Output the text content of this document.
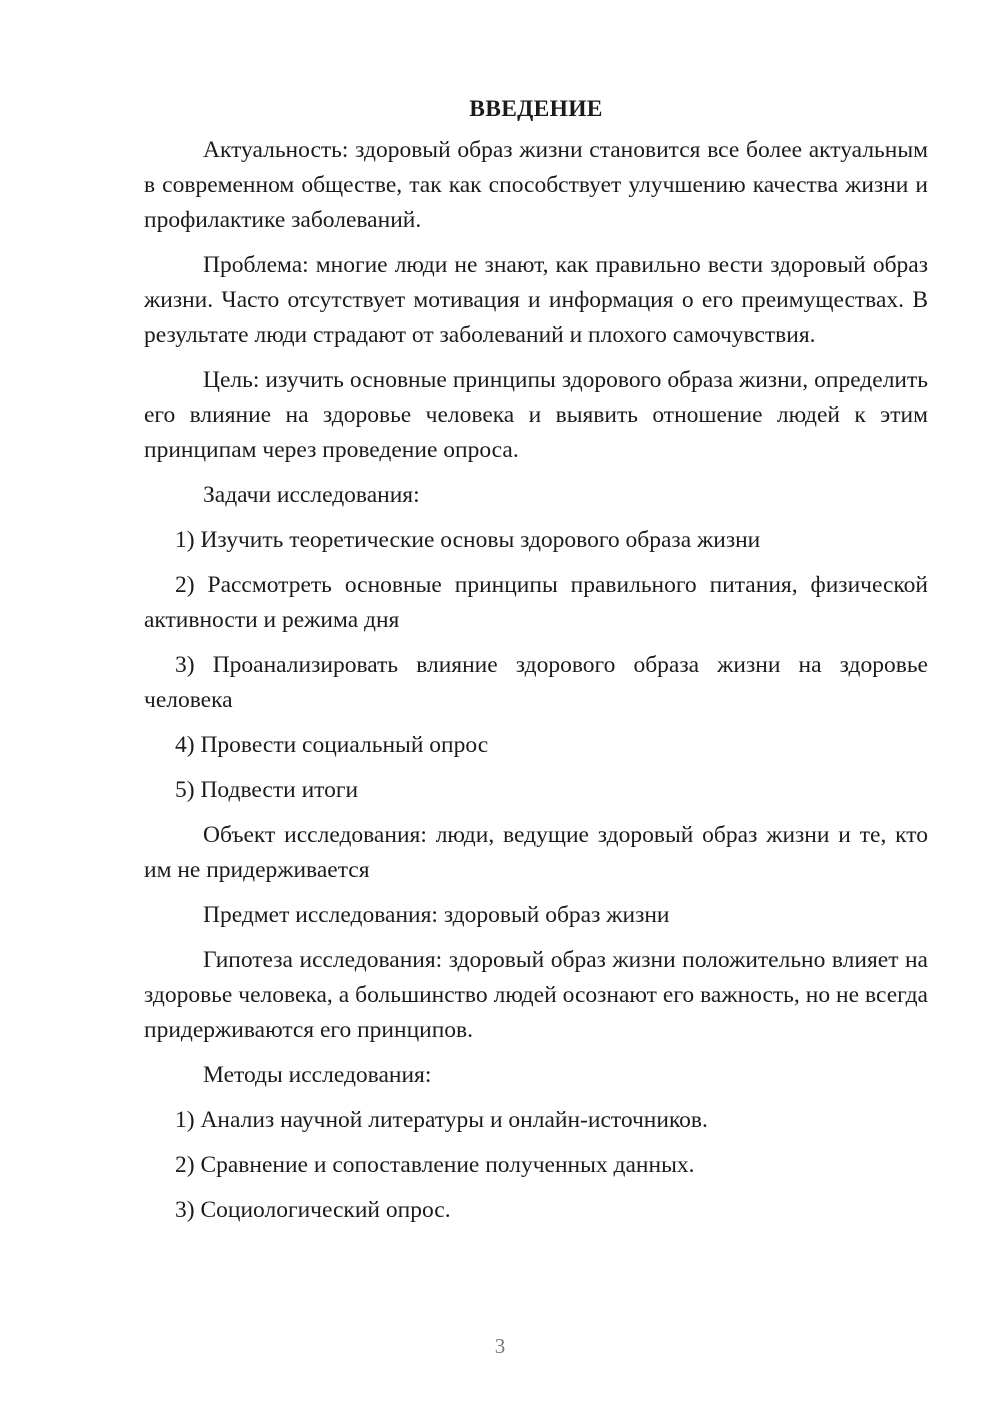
ВВЕДЕНИЕ

Актуальность: здоровый образ жизни становится все более актуальным в современном обществе, так как способствует улучшению качества жизни и профилактике заболеваний.

Проблема: многие люди не знают, как правильно вести здоровый образ жизни. Часто отсутствует мотивация и информация о его преимуществах. В результате люди страдают от заболеваний и плохого самочувствия.

Цель: изучить основные принципы здорового образа жизни, определить его влияние на здоровье человека и выявить отношение людей к этим принципам через проведение опроса.

Задачи исследования:

1) Изучить теоретические основы здорового образа жизни

2) Рассмотреть основные принципы правильного питания, физической активности и режима дня

3) Проанализировать влияние здорового образа жизни на здоровье человека

4) Провести социальный опрос

5) Подвести итоги

Объект исследования: люди, ведущие здоровый образ жизни и те, кто им не придерживается

Предмет исследования: здоровый образ жизни

Гипотеза исследования: здоровый образ жизни положительно влияет на здоровье человека, а большинство людей осознают его важность, но не всегда придерживаются его принципов.

Методы исследования:

1) Анализ научной литературы и онлайн-источников.

2) Сравнение и сопоставление полученных данных.

3) Социологический опрос.

3
